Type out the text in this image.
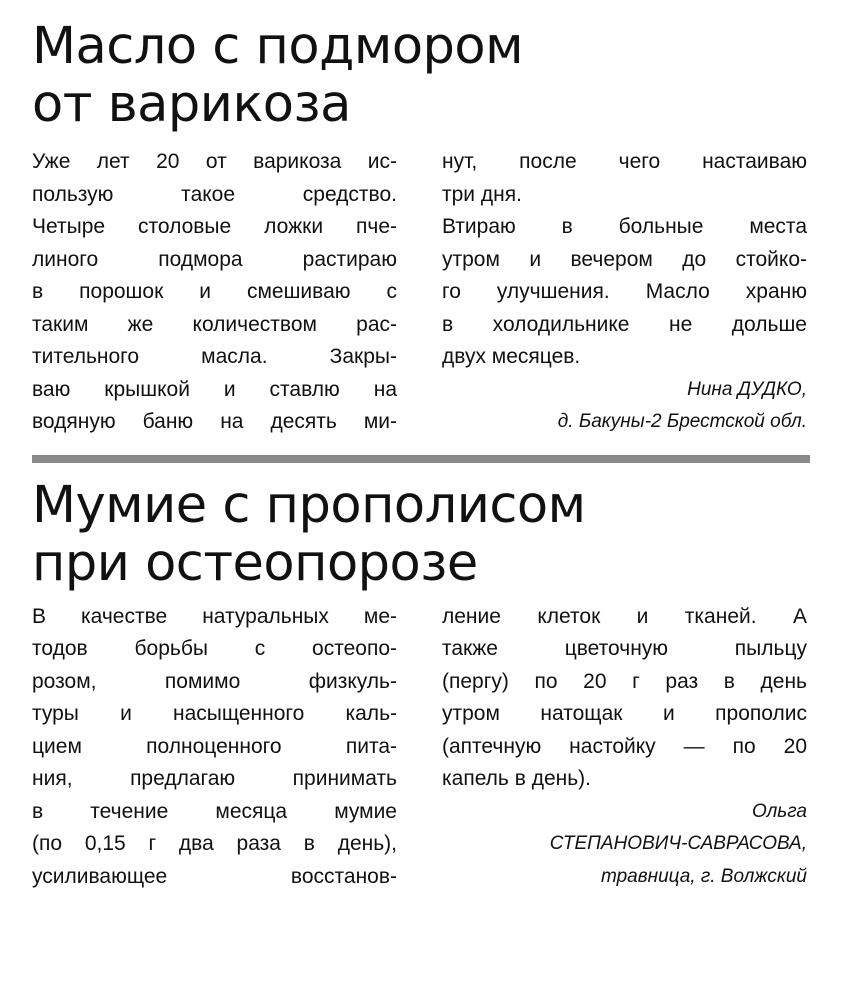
Масло с подмором
от варикоза
Уже лет 20 от варикоза ис-
пользую такое средство.
Четыре столовые ложки пче-
линого подмора растираю
в порошок и смешиваю с
таким же количеством рас-
тительного масла. Закры-
ваю крышкой и ставлю на
водяную баню на десять ми-
нут, после чего настаиваю
три дня.
Втираю в больные места
утром и вечером до стойко-
го улучшения. Масло храню
в холодильнике не дольше
двух месяцев.
Нина ДУДКО,
д. Бакуны-2 Брестской обл.
Мумие с прополисом
при остеопорозе
В качестве натуральных ме-
тодов борьбы с остеопо-
розом, помимо физкуль-
туры и насыщенного каль-
цием полноценного пита-
ния, предлагаю принимать
в течение месяца мумие
(по 0,15 г два раза в день),
усиливающее восстанов-
ление клеток и тканей. А
также цветочную пыльцу
(пергу) по 20 г раз в день
утром натощак и прополис
(аптечную настойку — по 20
капель в день).
Ольга
СТЕПАНОВИЧ-САВРАСОВА,
травница, г. Волжский
